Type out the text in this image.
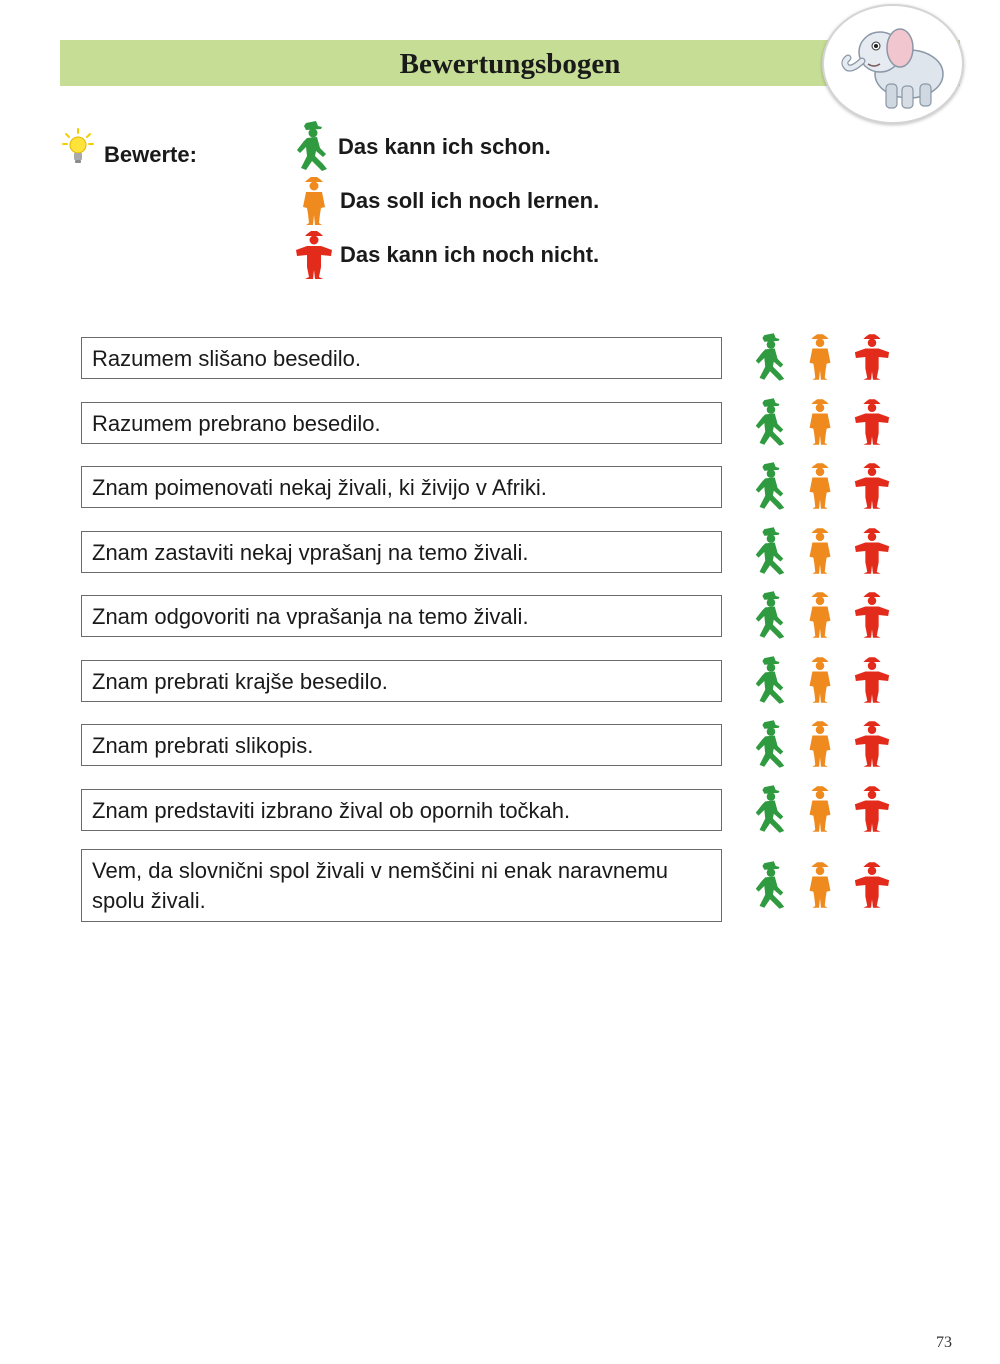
Bewertungsbogen
Bewerte:	Das kann ich schon.
Das soll ich noch lernen.
Das kann ich noch nicht.
Razumem slišano besedilo.
Razumem prebrano besedilo.
Znam poimenovati nekaj živali, ki živijo v Afriki.
Znam zastaviti nekaj vprašanj na temo živali.
Znam odgovoriti na vprašanja na temo živali.
Znam prebrati krajše besedilo.
Znam prebrati slikopis.
Znam predstaviti izbrano žival ob opornih točkah.
Vem, da slovnični spol živali v nemščini ni enak naravnemu spolu živali.
73
